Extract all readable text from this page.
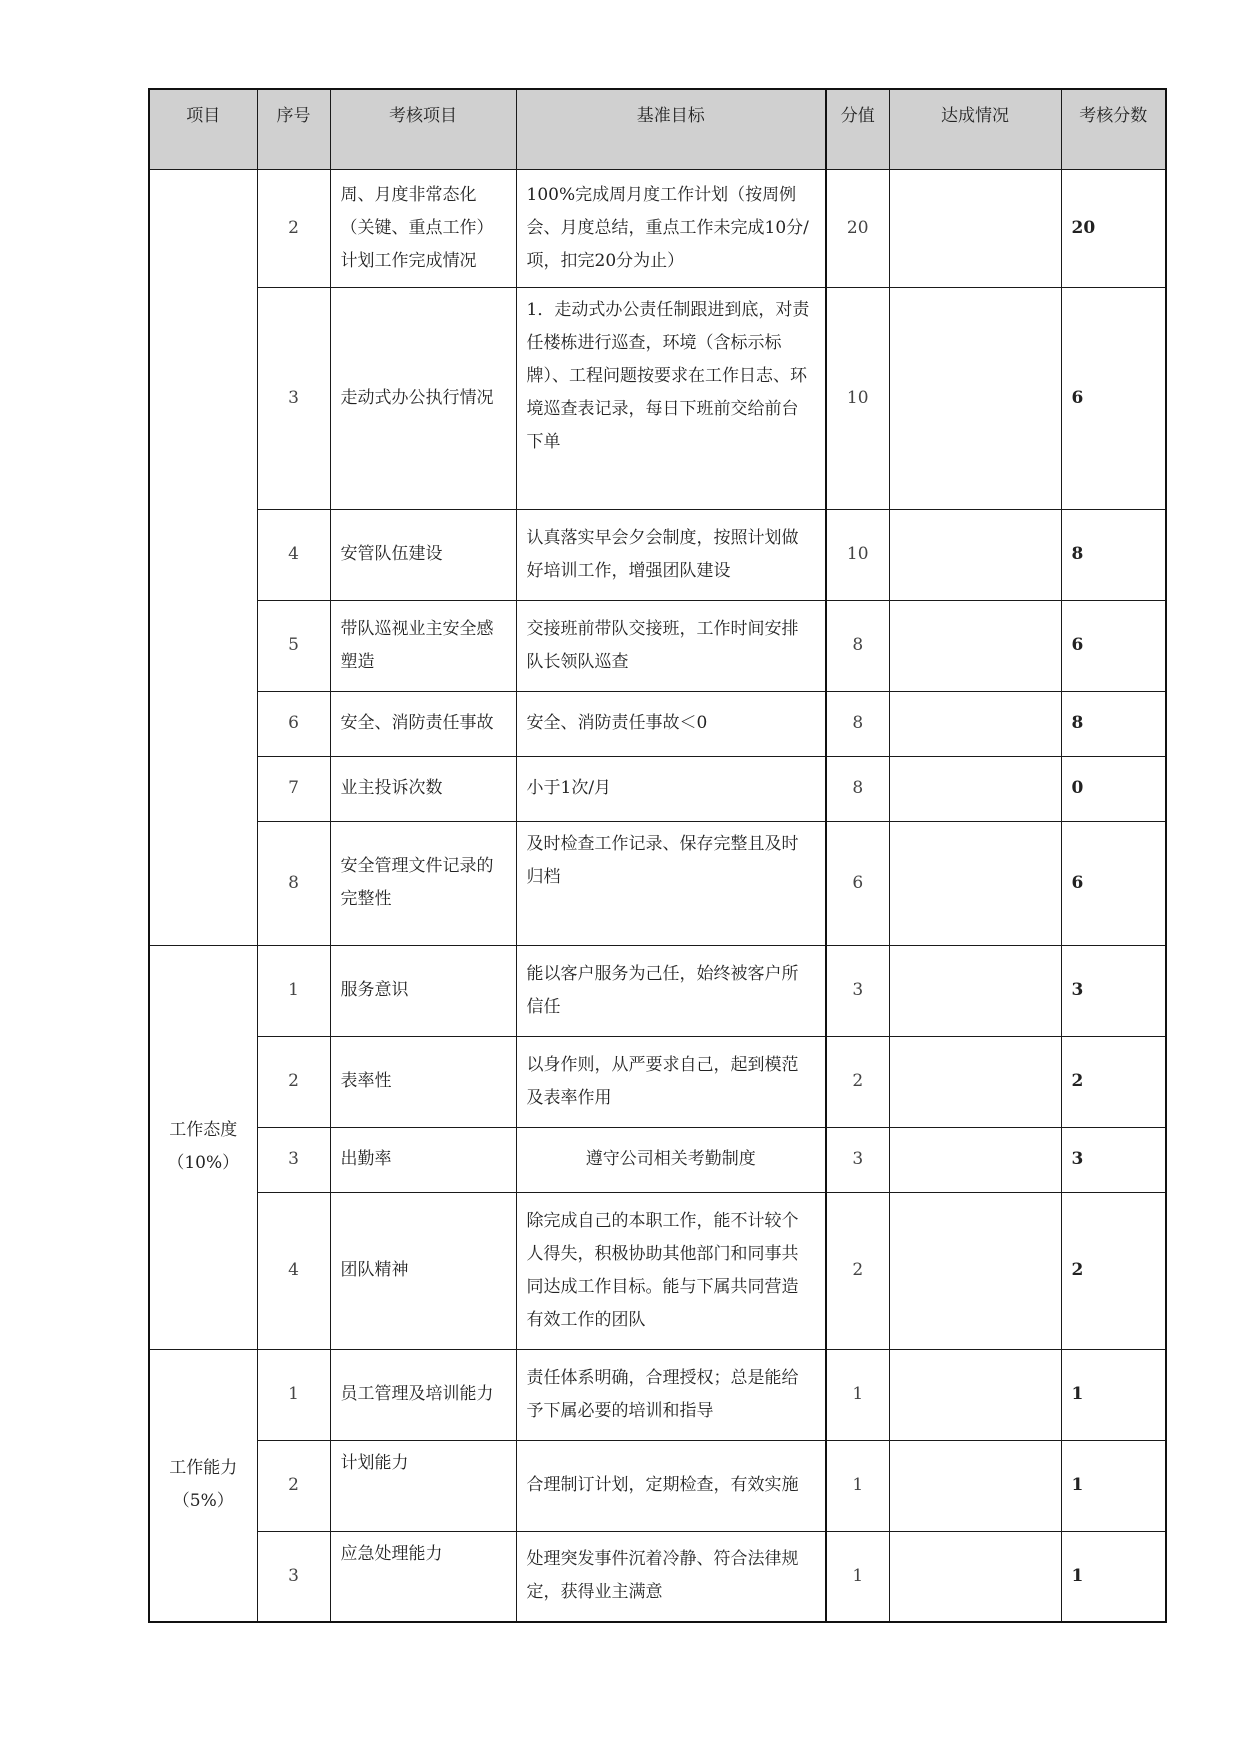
项目	序号	考核项目	基准目标	分值	达成情况	考核分数
	2	周、月度非常态化（关键、重点工作）计划工作完成情况	100%完成周月度工作计划（按周例会、月度总结，重点工作未完成10分/项，扣完20分为止）	20		20
	3	走动式办公执行情况	1．走动式办公责任制跟进到底，对责任楼栋进行巡查，环境（含标示标牌）、工程问题按要求在工作日志、环境巡查表记录，每日下班前交给前台下单	10		6
	4	安管队伍建设	认真落实早会夕会制度，按照计划做好培训工作，增强团队建设	10		8
	5	带队巡视业主安全感塑造	交接班前带队交接班，工作时间安排队长领队巡查	8		6
	6	安全、消防责任事故	安全、消防责任事故＜0	8		8
	7	业主投诉次数	小于1次/月	8		0
	8	安全管理文件记录的完整性	及时检查工作记录、保存完整且及时归档	6		6

工作态度
（10%）	1	服务意识	能以客户服务为己任，始终被客户所信任	3		3
	2	表率性	以身作则，从严要求自己，起到模范及表率作用	2		2
	3	出勤率	遵守公司相关考勤制度	3		3
	4	团队精神	除完成自己的本职工作，能不计较个人得失，积极协助其他部门和同事共同达成工作目标。能与下属共同营造有效工作的团队	2		2

工作能力
（5%）	1	员工管理及培训能力	责任体系明确，合理授权；总是能给予下属必要的培训和指导	1		1
	2	计划能力	合理制订计划，定期检查，有效实施	1		1
	3	应急处理能力	处理突发事件沉着冷静、符合法律规定，获得业主满意	1		1
